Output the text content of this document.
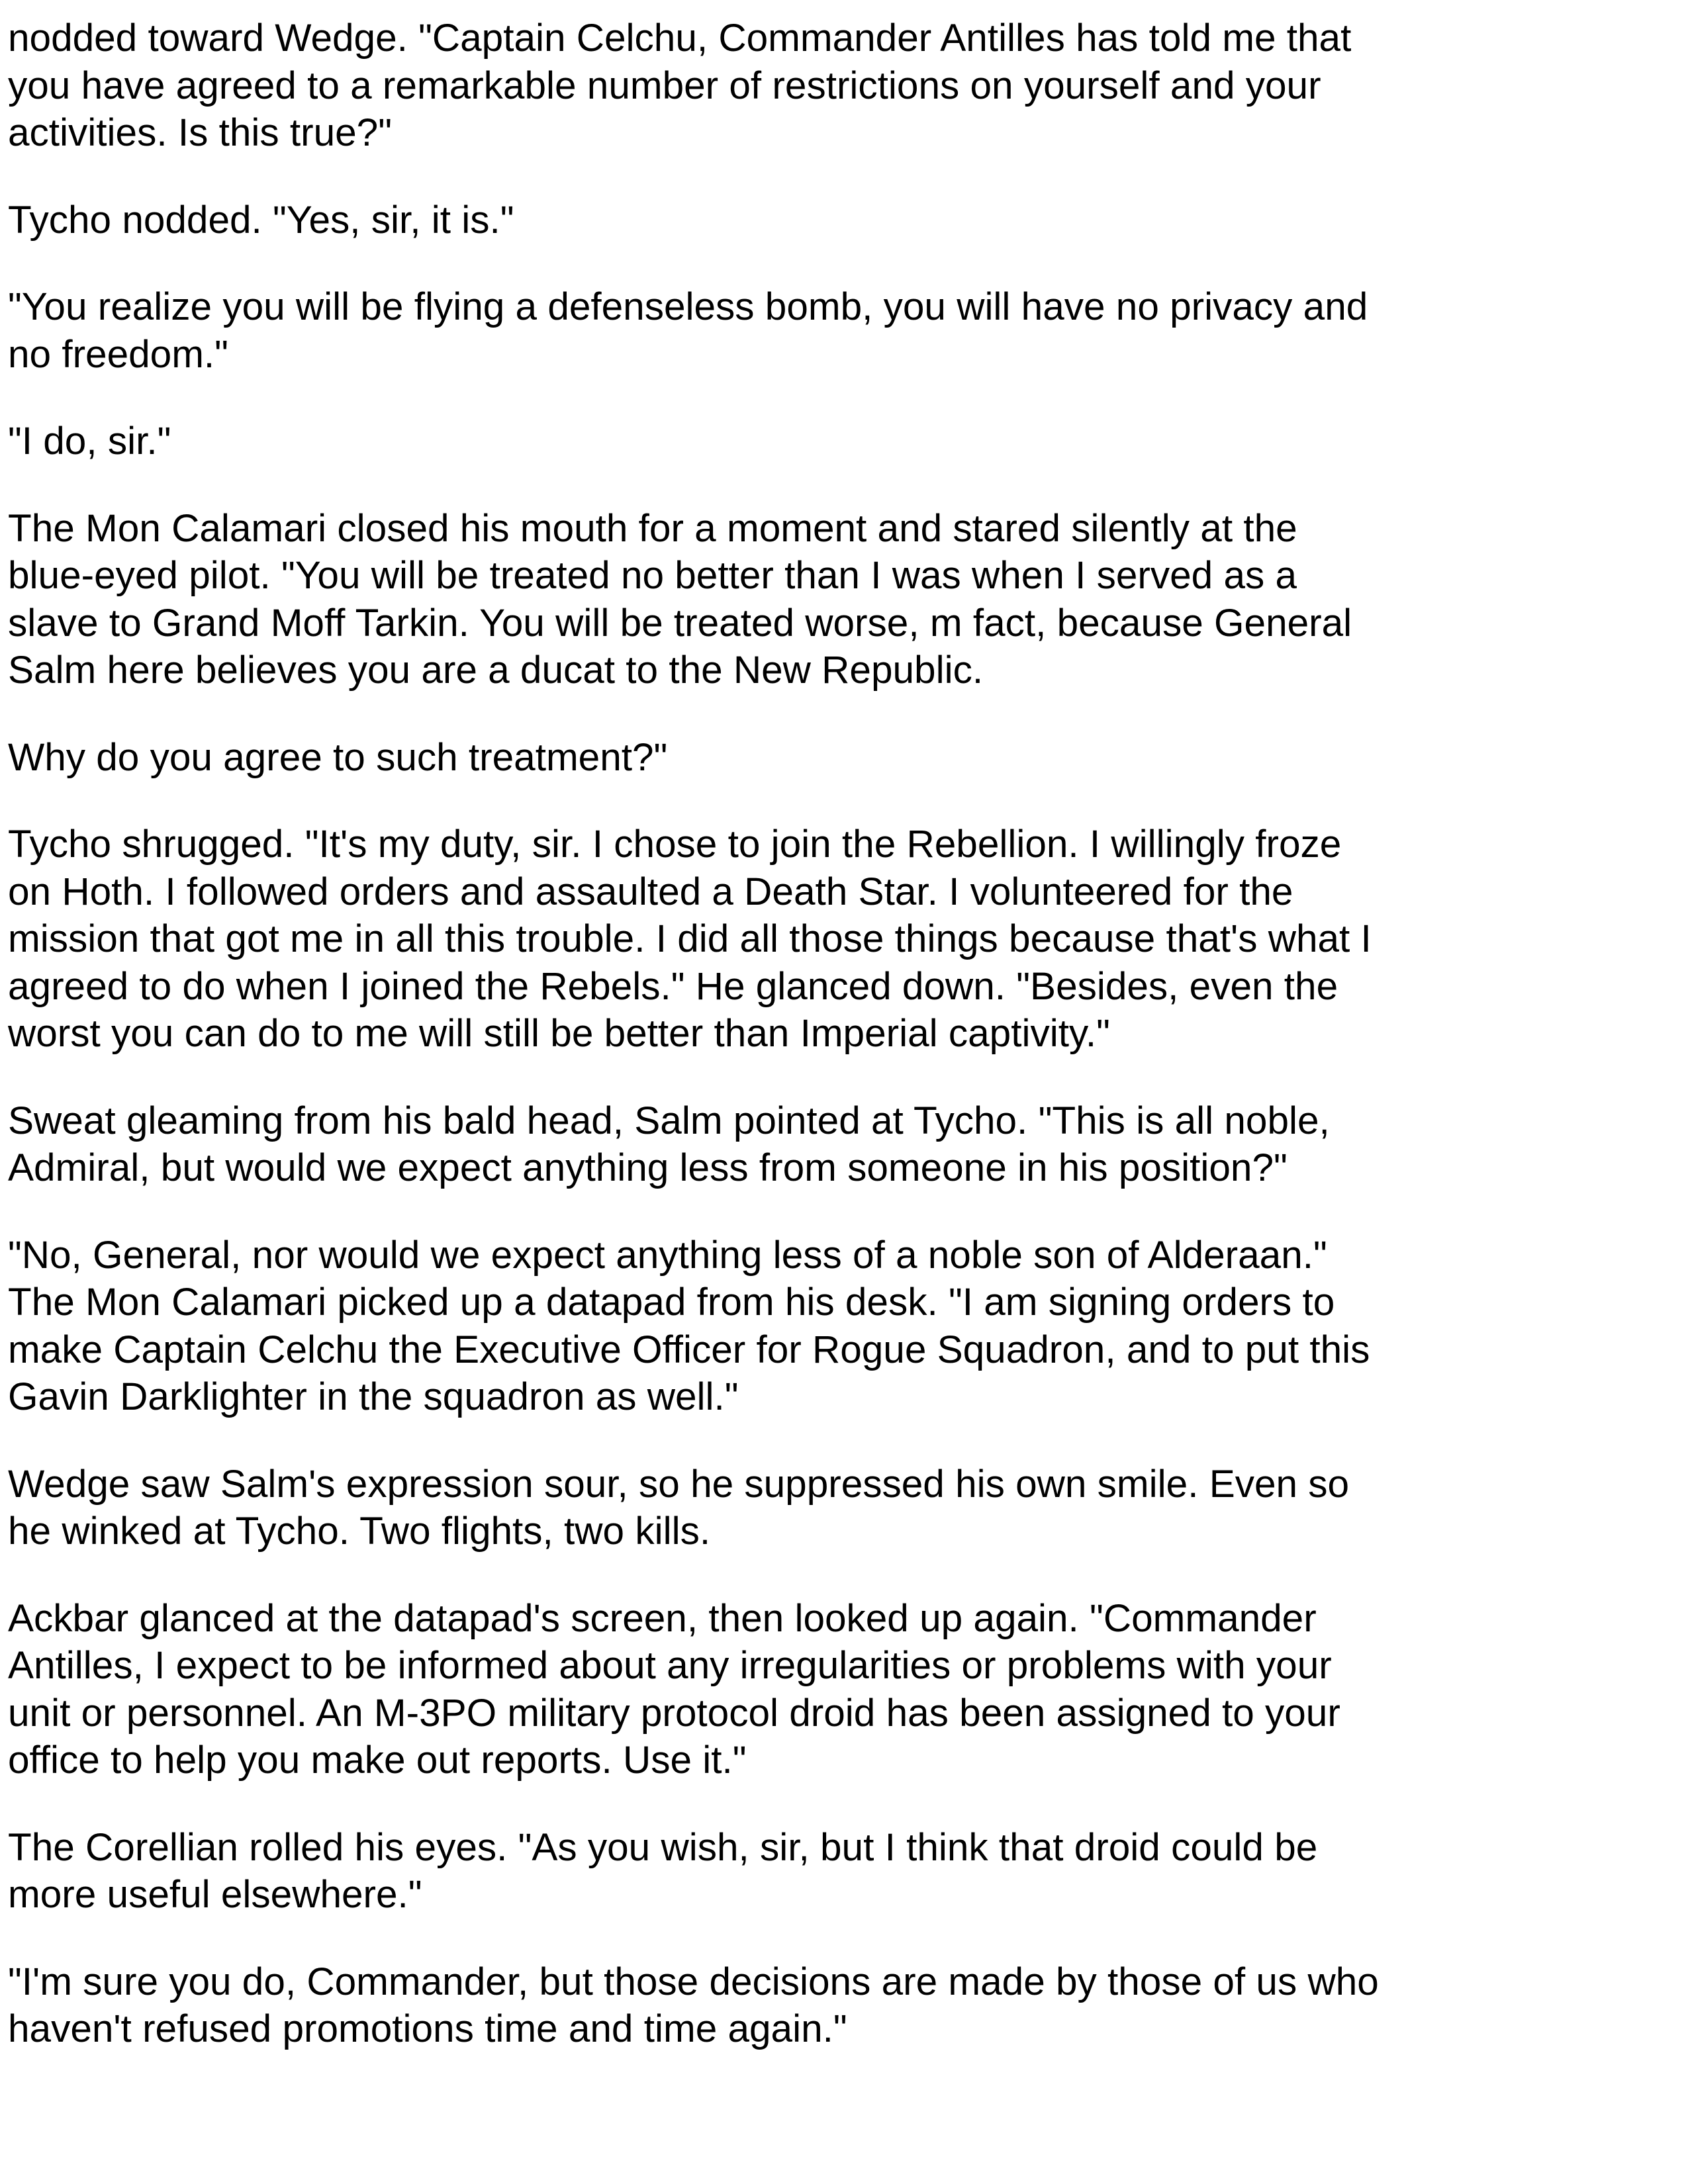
nodded toward Wedge. "Captain Celchu, Commander Antilles has told me that you have agreed to a remarkable number of restrictions on yourself and your activities. Is this true?"

Tycho nodded. "Yes, sir, it is."

"You realize you will be flying a defenseless bomb, you will have no privacy and no freedom."

"I do, sir."

The Mon Calamari closed his mouth for a moment and stared silently at the blue-eyed pilot. "You will be treated no better than I was when I served as a slave to Grand Moff Tarkin. You will be treated worse, m fact, because General Salm here believes you are a ducat to the New Republic.

Why do you agree to such treatment?"

Tycho shrugged. "It's my duty, sir. I chose to join the Rebellion. I willingly froze on Hoth. I followed orders and assaulted a Death Star. I volunteered for the mission that got me in all this trouble. I did all those things because that's what I agreed to do when I joined the Rebels." He glanced down. "Besides, even the worst you can do to me will still be better than Imperial captivity."

Sweat gleaming from his bald head, Salm pointed at Tycho. "This is all noble, Admiral, but would we expect anything less from someone in his position?"

"No, General, nor would we expect anything less of a noble son of Alderaan." The Mon Calamari picked up a datapad from his desk. "I am signing orders to make Captain Celchu the Executive Officer for Rogue Squadron, and to put this Gavin Darklighter in the squadron as well."

Wedge saw Salm's expression sour, so he suppressed his own smile. Even so he winked at Tycho. Two flights, two kills.

Ackbar glanced at the datapad's screen, then looked up again. "Commander Antilles, I expect to be informed about any irregularities or problems with your unit or personnel. An M-3PO military protocol droid has been assigned to your office to help you make out reports. Use it."

The Corellian rolled his eyes. "As you wish, sir, but I think that droid could be more useful elsewhere."

"I'm sure you do, Commander, but those decisions are made by those of us who haven't refused promotions time and time again."
